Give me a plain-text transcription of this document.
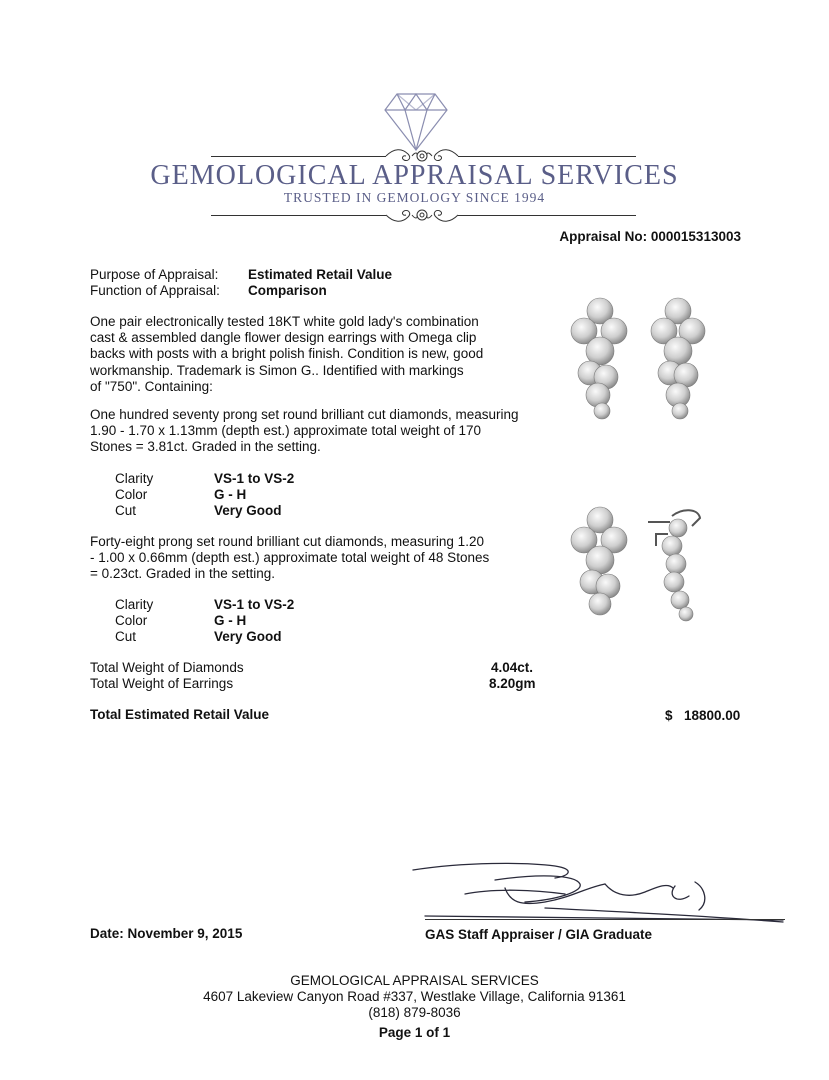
GEMOLOGICAL APPRAISAL SERVICES
TRUSTED IN GEMOLOGY SINCE 1994
Appraisal No: 000015313003
Purpose of Appraisal: Estimated Retail Value
Function of Appraisal: Comparison
One pair electronically tested 18KT white gold lady's combination
cast & assembled dangle flower design earrings with Omega clip
backs with posts with a bright polish finish. Condition is new, good
workmanship. Trademark is Simon G.. Identified with markings
of "750". Containing:
One hundred seventy prong set round brilliant cut diamonds, measuring
1.90 - 1.70 x 1.13mm (depth est.) approximate total weight of 170
Stones = 3.81ct. Graded in the setting.
Clarity	VS-1 to VS-2
Color	G - H
Cut	Very Good
Forty-eight prong set round brilliant cut diamonds, measuring 1.20
- 1.00 x 0.66mm (depth est.) approximate total weight of 48 Stones
= 0.23ct. Graded in the setting.
Clarity	VS-1 to VS-2
Color	G - H
Cut	Very Good
Total Weight of Diamonds	4.04ct.
Total Weight of Earrings	8.20gm
Total Estimated Retail Value	$ 18800.00
Date: November 9, 2015	GAS Staff Appraiser / GIA Graduate
GEMOLOGICAL APPRAISAL SERVICES
4607 Lakeview Canyon Road #337, Westlake Village, California 91361
(818) 879-8036
Page 1 of 1
